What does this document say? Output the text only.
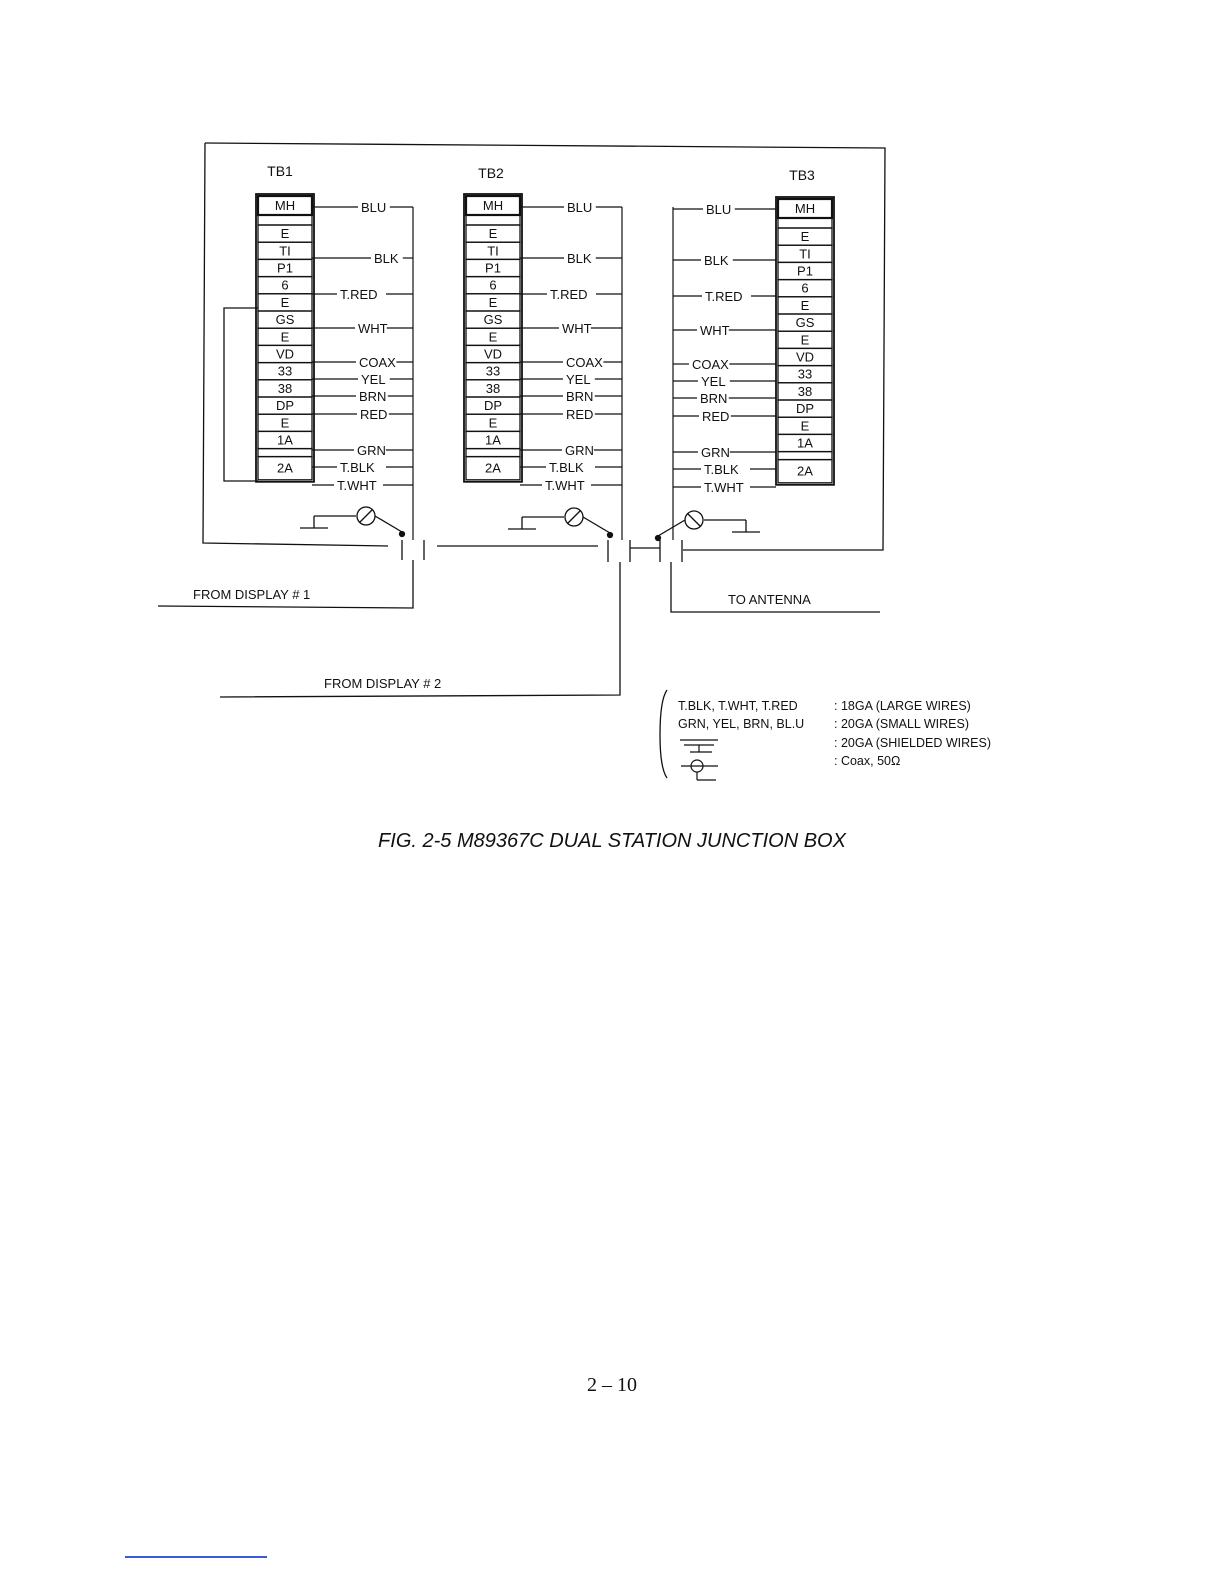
TB1
MH
E
TI
P1
6
E
GS
E
VD
33
38
DP
E
1A
2A
TB2
MH
E
TI
P1
6
E
GS
E
VD
33
38
DP
E
1A
2A
TB3
MH
E
TI
P1
6
E
GS
E
VD
33
38
DP
E
1A
2A
BLU
BLK
T.RED
WHT
COAX
YEL
BRN
RED
GRN
T.BLK
T.WHT
BLU
BLK
T.RED
WHT
COAX
YEL
BRN
RED
GRN
T.BLK
T.WHT
BLU
BLK
T.RED
WHT
COAX
YEL
BRN
RED
GRN
T.BLK
T.WHT
FROM DISPLAY # 1
FROM DISPLAY # 2
TO ANTENNA
T.BLK, T.WHT, T.RED	: 18GA (LARGE WIRES)
GRN, YEL, BRN, BL.U : 20GA (SMALL WIRES)
: 20GA (SHIELDED WIRES)
: Coax, 50Ω
FIG. 2-5 M89367C DUAL STATION JUNCTION BOX
2 – 10
